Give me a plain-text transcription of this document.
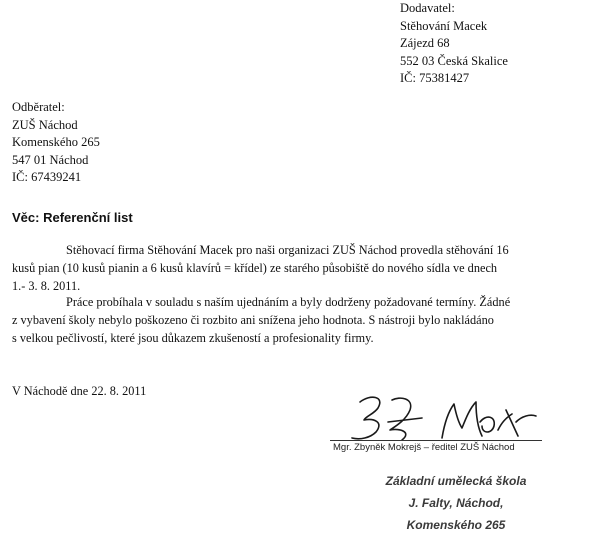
Dodavatel:
Stěhování Macek
Zájezd 68
552 03 Česká Skalice
IČ: 75381427
Odběratel:
ZUŠ Náchod
Komenského 265
547 01 Náchod
IČ: 67439241
Věc: Referenční list
Stěhovací firma Stěhování Macek pro naši organizaci ZUŠ Náchod provedla stěhování 16
kusů pian (10 kusů pianin a 6 kusů klavírů = křídel) ze starého působiště do nového sídla ve dnech
1.- 3. 8. 2011.
Práce probíhala v souladu s naším ujednáním a byly dodrženy požadované termíny. Žádné
z vybavení školy nebylo poškozeno či rozbito ani snížena jeho hodnota. S nástroji bylo nakládáno
s velkou pečlivostí, které jsou důkazem zkušeností a profesionality firmy.
V Náchodě dne 22. 8. 2011
Mgr. Zbyněk Mokrejš – ředitel ZUŠ Náchod
Základní umělecká škola
J. Falty, Náchod,
Komenského 265
